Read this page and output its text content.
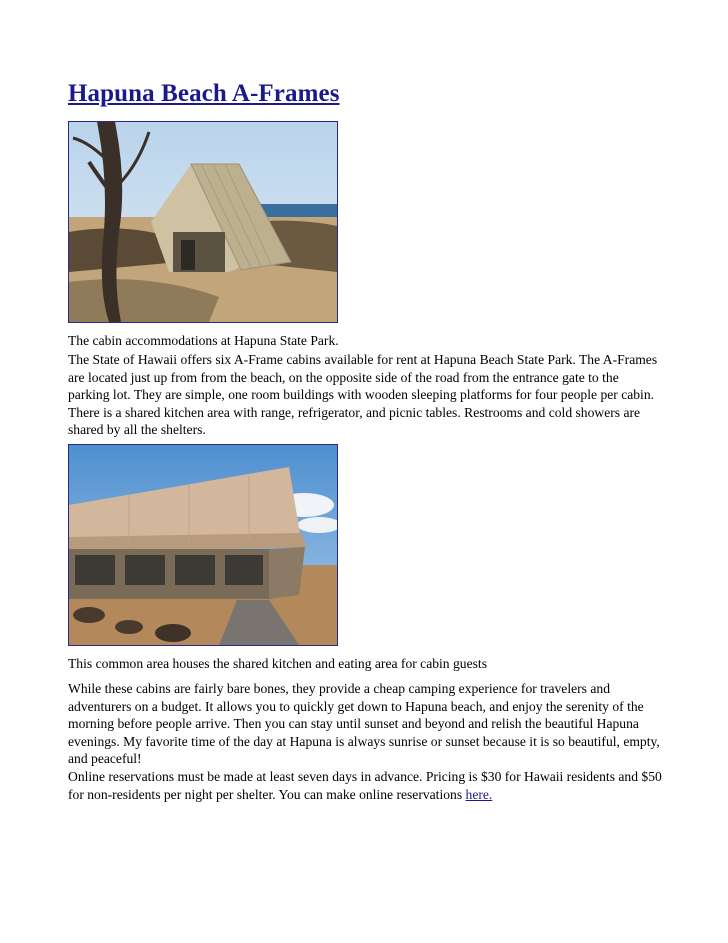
Hapuna Beach A-Frames

The cabin accommodations at Hapuna State Park.

The State of Hawaii offers six A-Frame cabins available for rent at Hapuna Beach State Park. The A-Frames are located just up from from the beach, on the opposite side of the road from the entrance gate to the parking lot. They are simple, one room buildings with wooden sleeping platforms for four people per cabin. There is a shared kitchen area with range, refrigerator, and picnic tables. Restrooms and cold showers are shared by all the shelters.

This common area houses the shared kitchen and eating area for cabin guests

While these cabins are fairly bare bones, they provide a cheap camping experience for travelers and adventurers on a budget. It allows you to quickly get down to Hapuna beach, and enjoy the serenity of the morning before people arrive. Then you can stay until sunset and beyond and relish the beautiful Hapuna evenings. My favorite time of the day at Hapuna is always sunrise or sunset because it is so beautiful, empty, and peaceful!

Online reservations must be made at least seven days in advance. Pricing is $30 for Hawaii residents and $50 for non-residents per night per shelter. You can make online reservations here.
